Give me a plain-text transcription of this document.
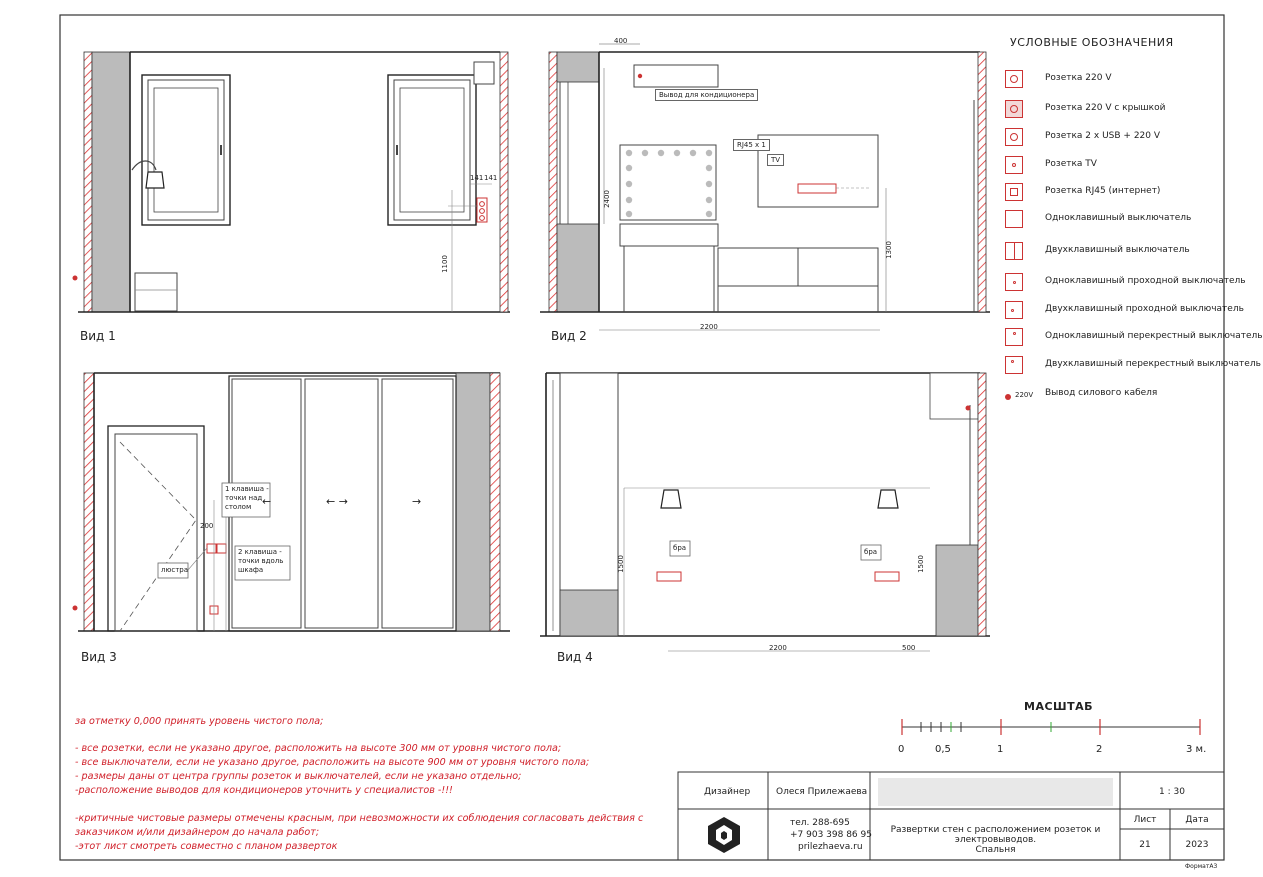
Вид 1	Вид 2
Вид 3	Вид 4
1100
141 141
400
2400
1300
2200
Вывод для кондиционера
RJ45 x 1
TV
1 клавиша -
точки над
столом
2 клавиша -
точки вдоль
шкафа
200
люстра
← →	→
←
1500	1500
2200	500
бра	бра
УСЛОВНЫЕ ОБОЗНАЧЕНИЯ
Розетка 220 V
Розетка 220 V с крышкой
Розетка 2 x USB + 220 V
Розетка TV
Розетка RJ45 (интернет)
Одноклавишный выключатель
Двухклавишный выключатель
Одноклавишный проходной выключатель
Двухклавишный проходной выключатель
Одноклавишный перекрестный выключатель
Двухклавишный перекрестный выключатель
220V Вывод силового кабеля
за отметку 0,000 принять уровень чистого пола;
- все розетки, если не указано другое, расположить на высоте 300 мм от уровня чистого пола;
- все выключатели, если не указано другое, расположить на высоте 900 мм от уровня чистого пола;
- размеры даны от центра группы розеток и выключателей, если не указано отдельно;
-расположение выводов для кондиционеров уточнить у специалистов -!!!
-критичные чистовые размеры отмечены красным, при невозможности их соблюдения согласовать действия с
заказчиком и/или дизайнером до начала работ;
-этот лист смотреть совместно с планом разверток
МАСШТАБ
0	0,5	1	2	3 м.
Дизайнер	Олеся Прилежаева
тел. 288-695
+7 903 398 86 95
prilezhaeva.ru
Развертки стен с расположением розеток и электровыводов.
Спальня
1 : 30
Лист	Дата
21	2023
ФорматА3
